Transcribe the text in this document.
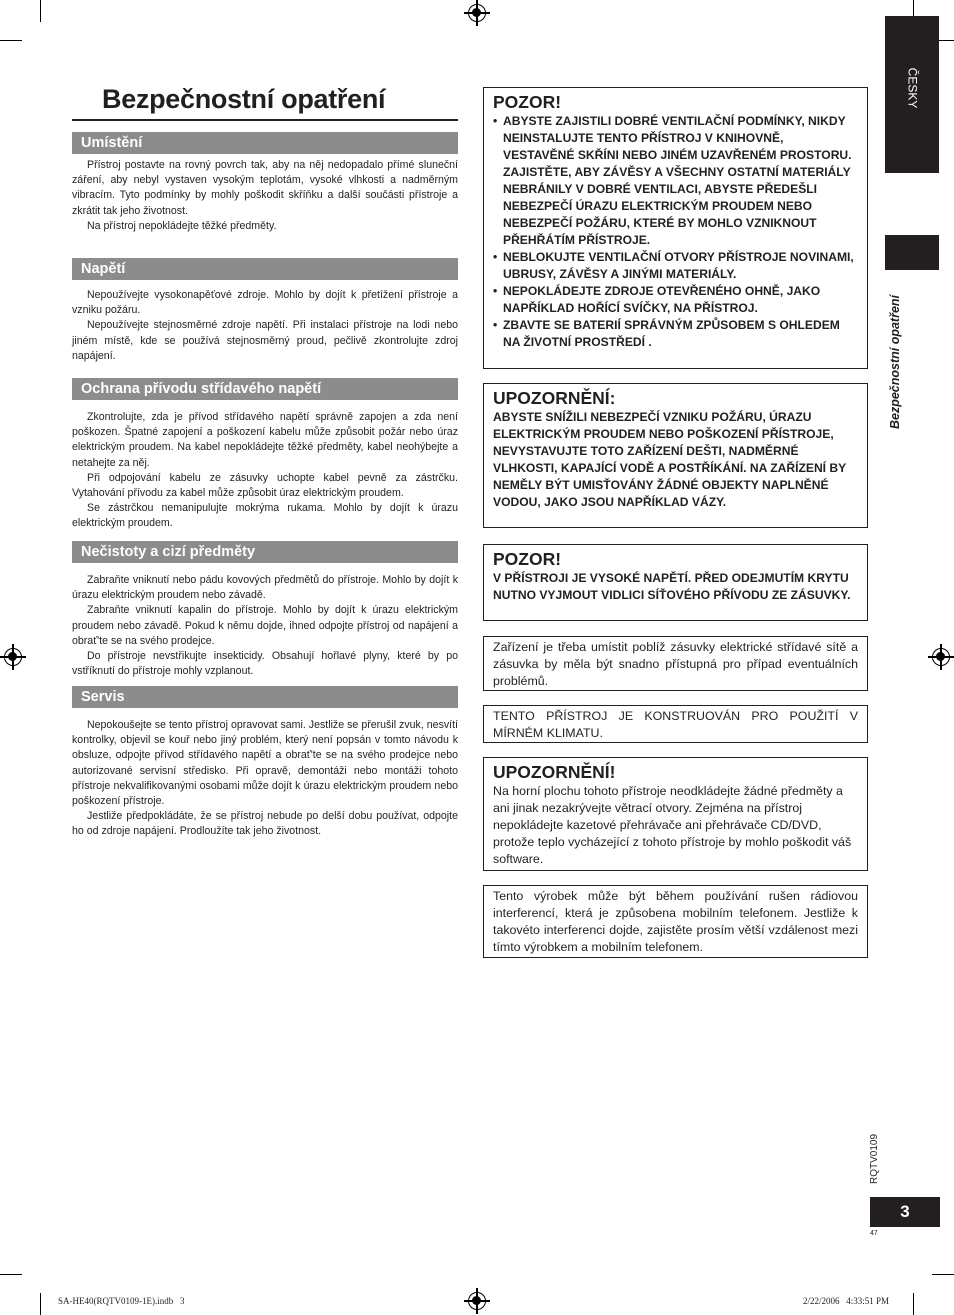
Bezpečnostní opatření
Umístění

Přístroj postavte na rovný povrch tak, aby na něj nedopadalo přímé sluneční záření, aby nebyl vystaven vysokým teplotám, vysoké vlhkosti a nadměrným vibracím. Tyto podmínky by mohly poškodit skříňku a další součásti přístroje a zkrátit tak jeho životnost.

Na přístroj nepokládejte těžké předměty.

Napětí

Nepoužívejte vysokonapěťové zdroje. Mohlo by dojít k přetížení přístroje a vzniku požáru.

Nepoužívejte stejnosměrné zdroje napětí. Při instalaci přístroje na lodi nebo jiném místě, kde se používá stejnosměrný proud, pečlivě zkontrolujte zdroj napájení.

Ochrana přívodu střídavého napětí

Zkontrolujte, zda je přívod střídavého napětí správně zapojen a zda není poškozen. Špatné zapojení a poškození kabelu může způsobit požár nebo úraz elektrickým proudem. Na kabel nepokládejte těžké předměty, kabel neohýbejte a netahejte za něj.

Při odpojování kabelu ze zásuvky uchopte kabel pevně za zástrčku. Vytahování přívodu za kabel může způsobit úraz elektrickým proudem.

Se zástrčkou nemanipulujte mokrýma rukama. Mohlo by dojít k úrazu elektrickým proudem.

Nečistoty a cizí předměty

Zabraňte vniknutí nebo pádu kovových předmětů do přístroje. Mohlo by dojít k úrazu elektrickým proudem nebo závadě.

Zabraňte vniknutí kapalin do přístroje. Mohlo by dojít k úrazu elektrickým proudem nebo závadě. Pokud k němu dojde, ihned odpojte přístroj od napájení a obrať'te se na svého prodejce.

Do přístroje nevstřikujte insekticidy. Obsahují hořlavé plyny, které by po vstříknutí do přístroje mohly vzplanout.

Servis

Nepokoušejte se tento přístroj opravovat sami. Jestliže se přerušil zvuk, nesvítí kontrolky, objevil se kouř nebo jiný problém, který není popsán v tomto návodu k obsluze, odpojte přívod střídavého napětí a obrať'te se na svého prodejce nebo autorizované servisní středisko. Při opravě, demontáži nebo montáži tohoto přístroje nekvalifikovanými osobami může dojít k úrazu elektrickým proudem nebo poškození přístroje.

Jestliže předpokládáte, že se přístroj nebude po delší dobu používat, odpojte ho od zdroje napájení. Prodloužíte tak jeho životnost.

POZOR!
• ABYSTE ZAJISTILI DOBRÉ VENTILAČNÍ PODMÍNKY, NIKDY NEINSTALUJTE TENTO PŘÍSTROJ V KNIHOVNĚ, VESTAVĚNÉ SKŘÍNI NEBO JINÉM UZAVŘENÉM PROSTORU. ZAJISTĚTE, ABY ZÁVĚSY A VŠECHNY OSTATNÍ MATERIÁLY NEBRÁNILY V DOBRÉ VENTILACI, ABYSTE PŘEDEŠLI NEBEZPEČÍ ÚRAZU ELEKTRICKÝM PROUDEM NEBO NEBEZPEČÍ POŽÁRU, KTERÉ BY MOHLO VZNIKNOUT PŘEHŘÁTÍM PŘÍSTROJE.
• NEBLOKUJTE VENTILAČNÍ OTVORY PŘÍSTROJE NOVINAMI, UBRUSY, ZÁVĚSY A JINÝMI MATERIÁLY.
• NEPOKLÁDEJTE ZDROJE OTEVŘENÉHO OHNĚ, JAKO NAPŘÍKLAD HOŘÍCÍ SVÍČKY, NA PŘÍSTROJ.
• ZBAVTE SE BATERIÍ SPRÁVNÝM ZPŮSOBEM S OHLEDEM NA ŽIVOTNÍ PROSTŘEDÍ .
UPOZORNĚNÍ:

ABYSTE SNÍŽILI NEBEZPEČÍ VZNIKU POŽÁRU, ÚRAZU ELEKTRICKÝM PROUDEM NEBO POŠKOZENÍ PŘÍSTROJE, NEVYSTAVUJTE TOTO ZAŘÍZENÍ DEŠTI, NADMĚRNÉ VLHKOSTI, KAPAJÍCÍ VODĚ A POSTŘÍKÁNÍ. NA ZAŘÍZENÍ BY NEMĚLY BÝT UMISŤOVÁNY ŽÁDNÉ OBJEKTY NAPLNĚNÉ VODOU, JAKO JSOU NAPŘÍKLAD VÁZY.

POZOR!

V PŘÍSTROJI JE VYSOKÉ NAPĚTÍ. PŘED ODEJMUTÍM KRYTU NUTNO VYJMOUT VIDLICI SÍŤOVÉHO PŘÍVODU ZE ZÁSUVKY.

Zařízení je třeba umístit poblíž zásuvky elektrické střídavé sítě a zásuvka by měla být snadno přístupná pro případ eventuálních problémů.

TENTO PŘÍSTROJ JE KONSTRUOVÁN PRO POUŽITÍ V MÍRNÉM KLIMATU.

UPOZORNĚNÍ!

Na horní plochu tohoto přístroje neodkládejte žádné předměty a ani jinak nezakrývejte větrací otvory. Zejména na přístroj nepokládejte kazetové přehrávače ani přehrávače CD/DVD, protože teplo vycházející z tohoto přístroje by mohlo poškodit váš software.

Tento výrobek může být během používání rušen rádiovou interferencí, která je způsobena mobilním telefonem. Jestliže k takovéto interferenci dojde, zajistěte prosím větší vzdálenost mezi tímto výrobkem a mobilním telefonem.

ČESKY
Bezpečnostní opatření
RQTV0109
3
47
SA-HE40(RQTV0109-1E).indb   3	2/22/2006   4:33:51 PM
